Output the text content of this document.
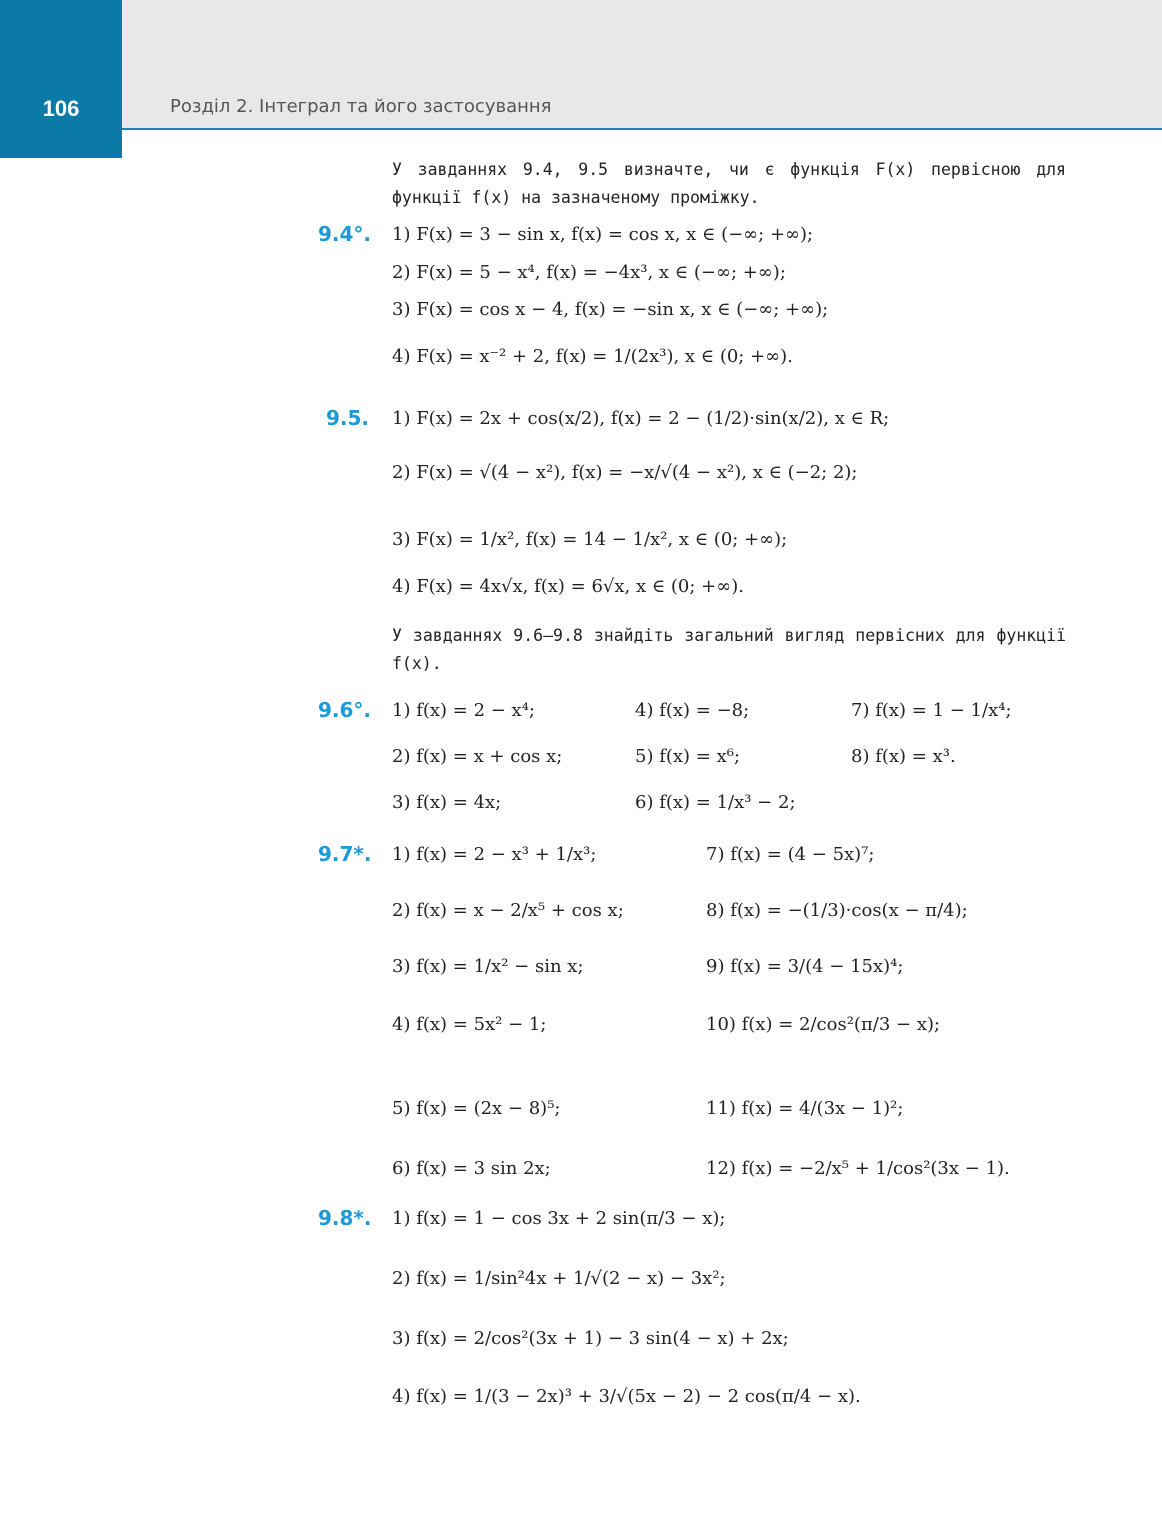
106	Розділ 2. Інтеграл та його застосування
У завданнях 9.4, 9.5 визначте, чи є функція F(x) первісною для функції f(x) на зазначеному проміжку.
9.4°. 1) F(x) = 3 − sin x, f(x) = cos x, x ∈ (−∞; +∞);
2) F(x) = 5 − x⁴, f(x) = −4x³, x ∈ (−∞; +∞);
3) F(x) = cos x − 4, f(x) = −sin x, x ∈ (−∞; +∞);
4) F(x) = x⁻² + 2, f(x) = 1/(2x³), x ∈ (0; +∞).
9.5. 1) F(x) = 2x + cos(x/2), f(x) = 2 − (1/2)·sin(x/2), x ∈ R;
2) F(x) = √(4 − x²), f(x) = −x/√(4 − x²), x ∈ (−2; 2);
3) F(x) = 1/x², f(x) = 14 − 1/x², x ∈ (0; +∞);
4) F(x) = 4x√x, f(x) = 6√x, x ∈ (0; +∞).
У завданнях 9.6–9.8 знайдіть загальний вигляд первісних для функції f(x).
9.6°. 1) f(x) = 2 − x⁴;	4) f(x) = −8;	7) f(x) = 1 − 1/x⁴;
2) f(x) = x + cos x;	5) f(x) = x⁶;	8) f(x) = x³.
3) f(x) = 4x;	6) f(x) = 1/x³ − 2;
9.7*. 1) f(x) = 2 − x³ + 1/x³;	7) f(x) = (4 − 5x)⁷;
2) f(x) = x − 2/x⁵ + cos x;	8) f(x) = −(1/3)·cos(x − π/4);
3) f(x) = 1/x² − sin x;	9) f(x) = 3/(4 − 15x)⁴;
4) f(x) = 5x² − 1;	10) f(x) = 2/cos²(π/3 − x);
5) f(x) = (2x − 8)⁵;	11) f(x) = 4/(3x − 1)²;
6) f(x) = 3 sin 2x;	12) f(x) = −2/x⁵ + 1/cos²(3x − 1).
9.8*. 1) f(x) = 1 − cos 3x + 2 sin(π/3 − x);
2) f(x) = 1/sin²4x + 1/√(2 − x) − 3x²;
3) f(x) = 2/cos²(3x + 1) − 3 sin(4 − x) + 2x;
4) f(x) = 1/(3 − 2x)³ + 3/√(5x − 2) − 2 cos(π/4 − x).
